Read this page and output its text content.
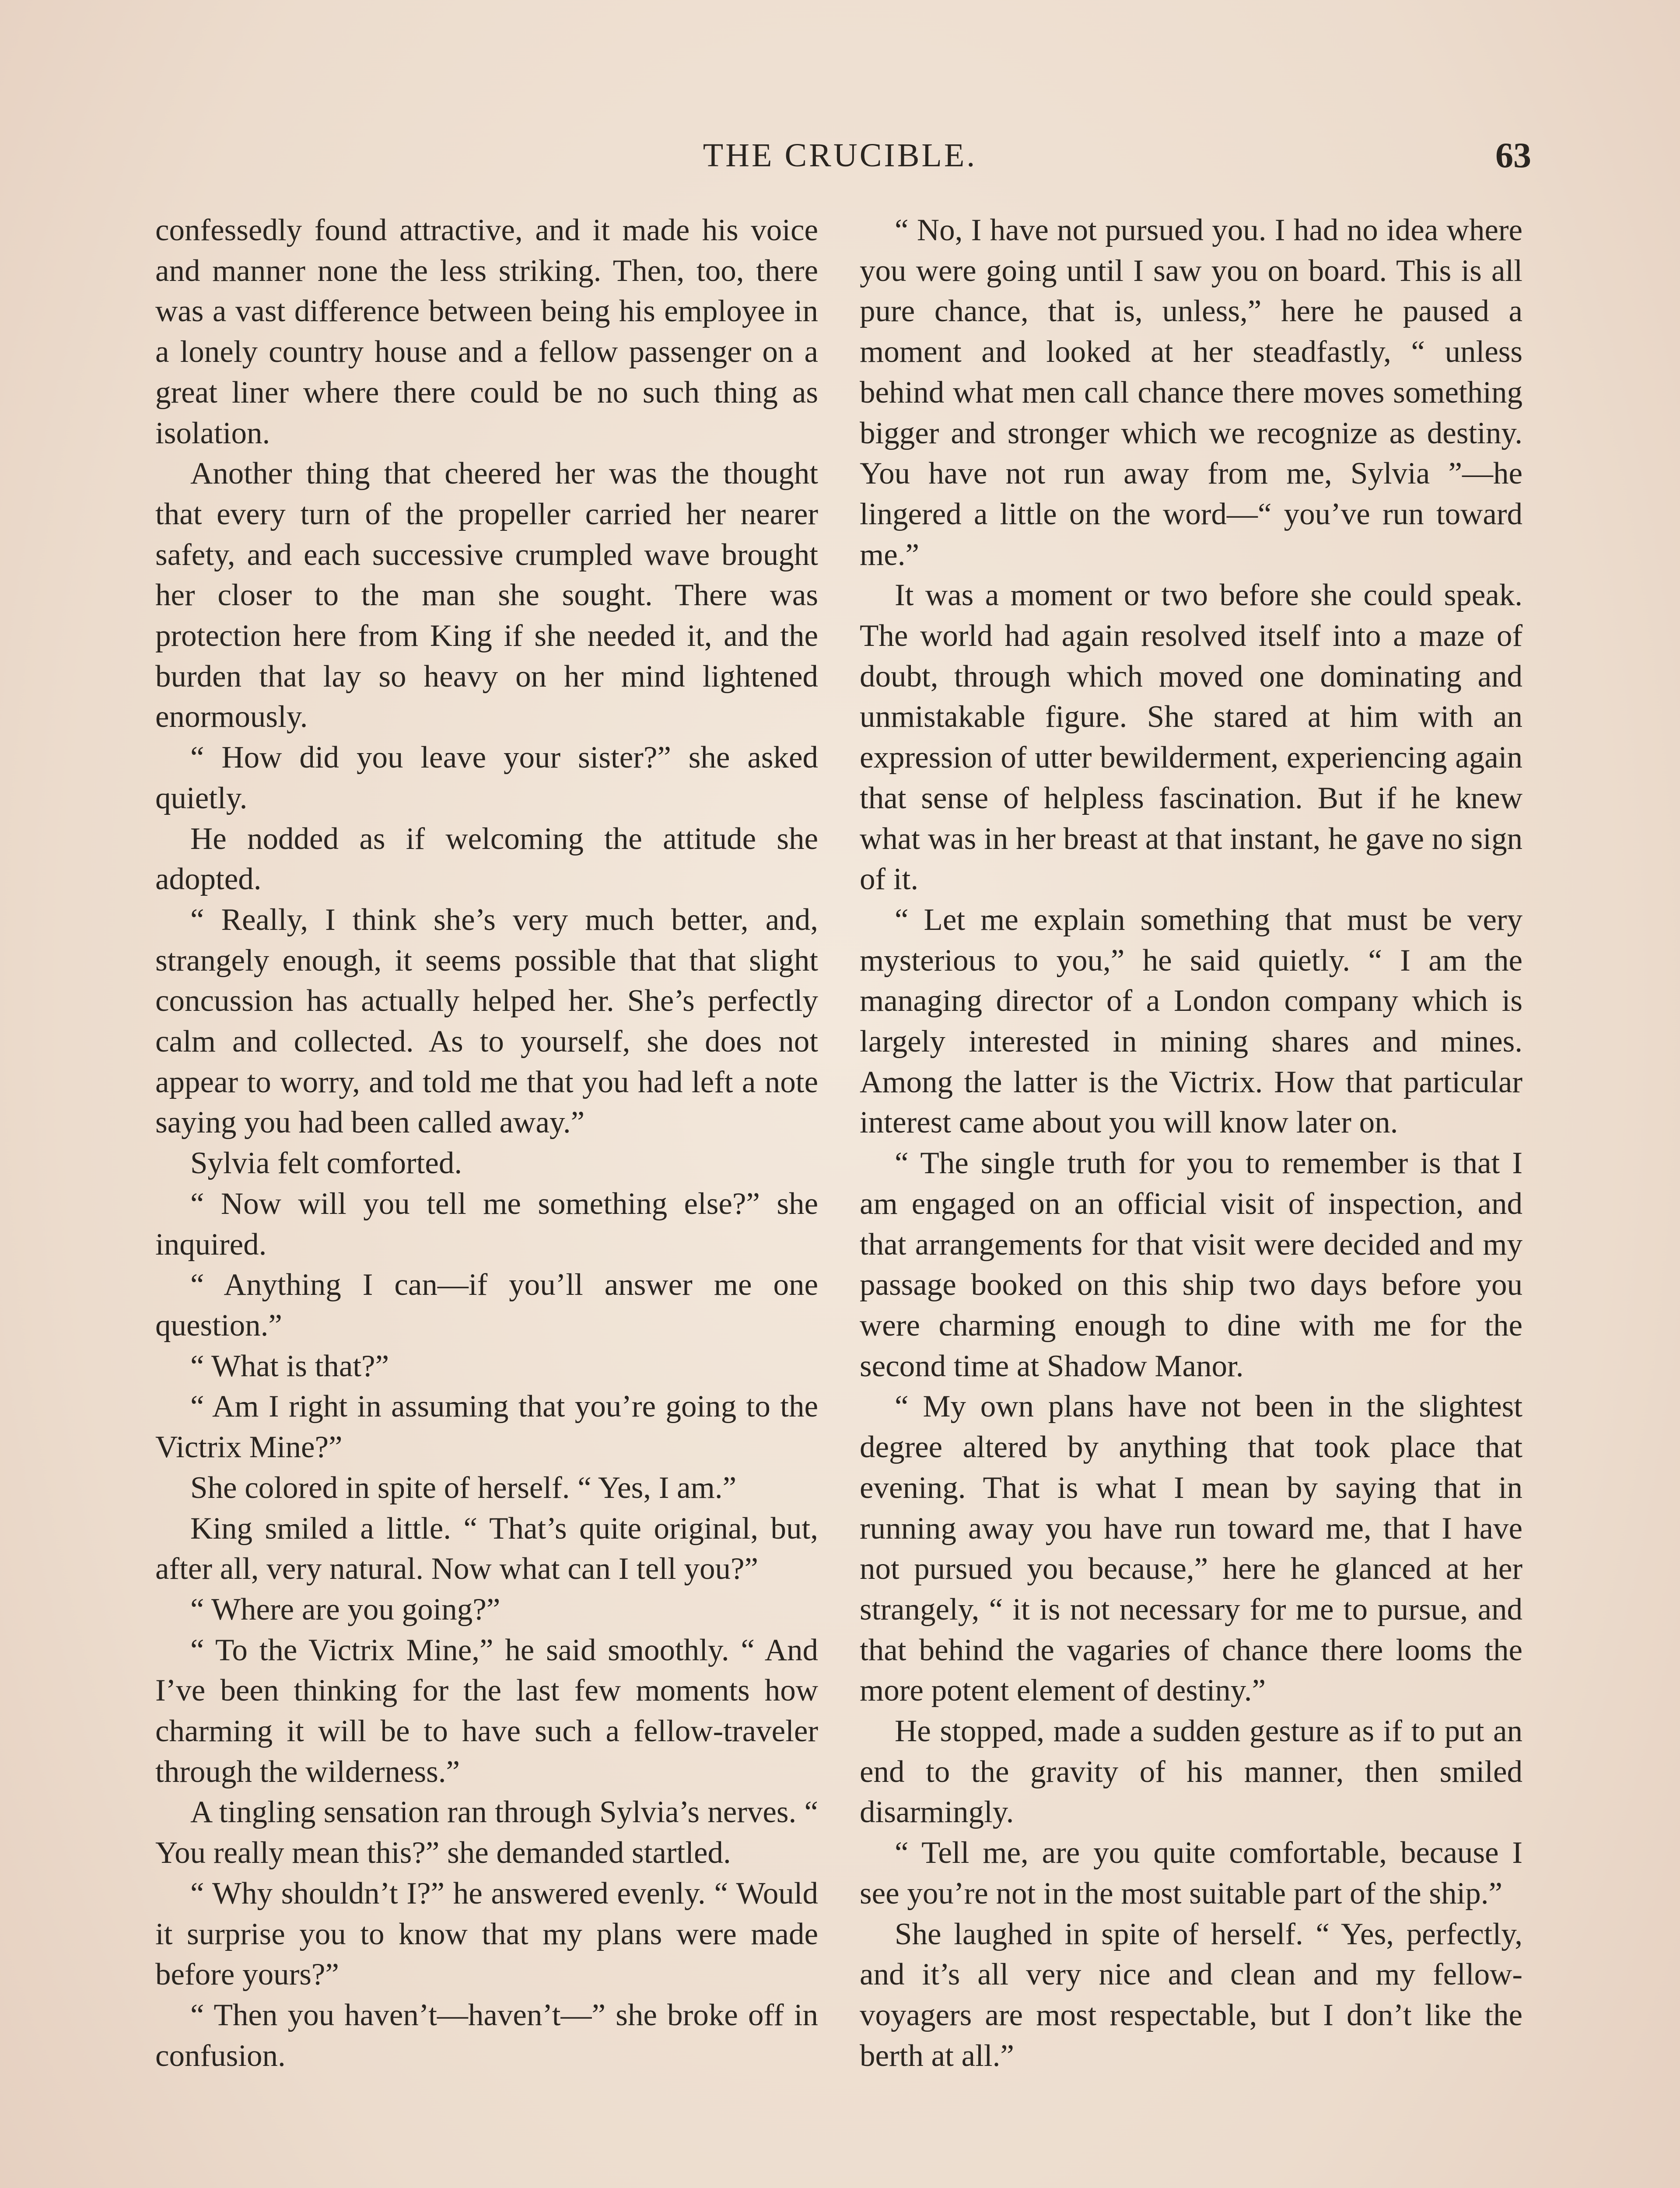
THE CRUCIBLE.	63

confessedly found attractive, and it made his voice and manner none the less striking. Then, too, there was a vast difference between being his employee in a lonely country house and a fellow passenger on a great liner where there could be no such thing as isolation.

Another thing that cheered her was the thought that every turn of the propeller carried her nearer safety, and each successive crumpled wave brought her closer to the man she sought. There was protection here from King if she needed it, and the burden that lay so heavy on her mind lightened enormously.

“ How did you leave your sister?” she asked quietly.

He nodded as if welcoming the attitude she adopted.

“ Really, I think she’s very much better, and, strangely enough, it seems possible that that slight concussion has actually helped her. She’s perfectly calm and collected. As to yourself, she does not appear to worry, and told me that you had left a note saying you had been called away.”

Sylvia felt comforted.

“ Now will you tell me something else?” she inquired.

“ Anything I can—if you’ll answer me one question.”

“ What is that?”

“ Am I right in assuming that you’re going to the Victrix Mine?”

She colored in spite of herself. “ Yes, I am.”

King smiled a little. “ That’s quite original, but, after all, very natural. Now what can I tell you?”

“ Where are you going?”

“ To the Victrix Mine,” he said smoothly. “ And I’ve been thinking for the last few moments how charming it will be to have such a fellow-traveler through the wilderness.”

A tingling sensation ran through Sylvia’s nerves. “ You really mean this?” she demanded startled.

“ Why shouldn’t I?” he answered evenly. “ Would it surprise you to know that my plans were made before yours?”

“ Then you haven’t—haven’t—” she broke off in confusion.

“ No, I have not pursued you. I had no idea where you were going until I saw you on board. This is all pure chance, that is, unless,” here he paused a moment and looked at her steadfastly, “ unless behind what men call chance there moves something bigger and stronger which we recognize as destiny. You have not run away from me, Sylvia ”—he lingered a little on the word—“ you’ve run toward me.”

It was a moment or two before she could speak. The world had again resolved itself into a maze of doubt, through which moved one dominating and unmistakable figure. She stared at him with an expression of utter bewilderment, experiencing again that sense of helpless fascination. But if he knew what was in her breast at that instant, he gave no sign of it.

“ Let me explain something that must be very mysterious to you,” he said quietly. “ I am the managing director of a London company which is largely interested in mining shares and mines. Among the latter is the Victrix. How that particular interest came about you will know later on.

“ The single truth for you to remember is that I am engaged on an official visit of inspection, and that arrangements for that visit were decided and my passage booked on this ship two days before you were charming enough to dine with me for the second time at Shadow Manor.

“ My own plans have not been in the slightest degree altered by anything that took place that evening. That is what I mean by saying that in running away you have run toward me, that I have not pursued you because,” here he glanced at her strangely, “ it is not necessary for me to pursue, and that behind the vagaries of chance there looms the more potent element of destiny.”

He stopped, made a sudden gesture as if to put an end to the gravity of his manner, then smiled disarmingly.

“ Tell me, are you quite comfortable, because I see you’re not in the most suitable part of the ship.”

She laughed in spite of herself. “ Yes, perfectly, and it’s all very nice and clean and my fellow-voyagers are most respectable, but I don’t like the berth at all.”
